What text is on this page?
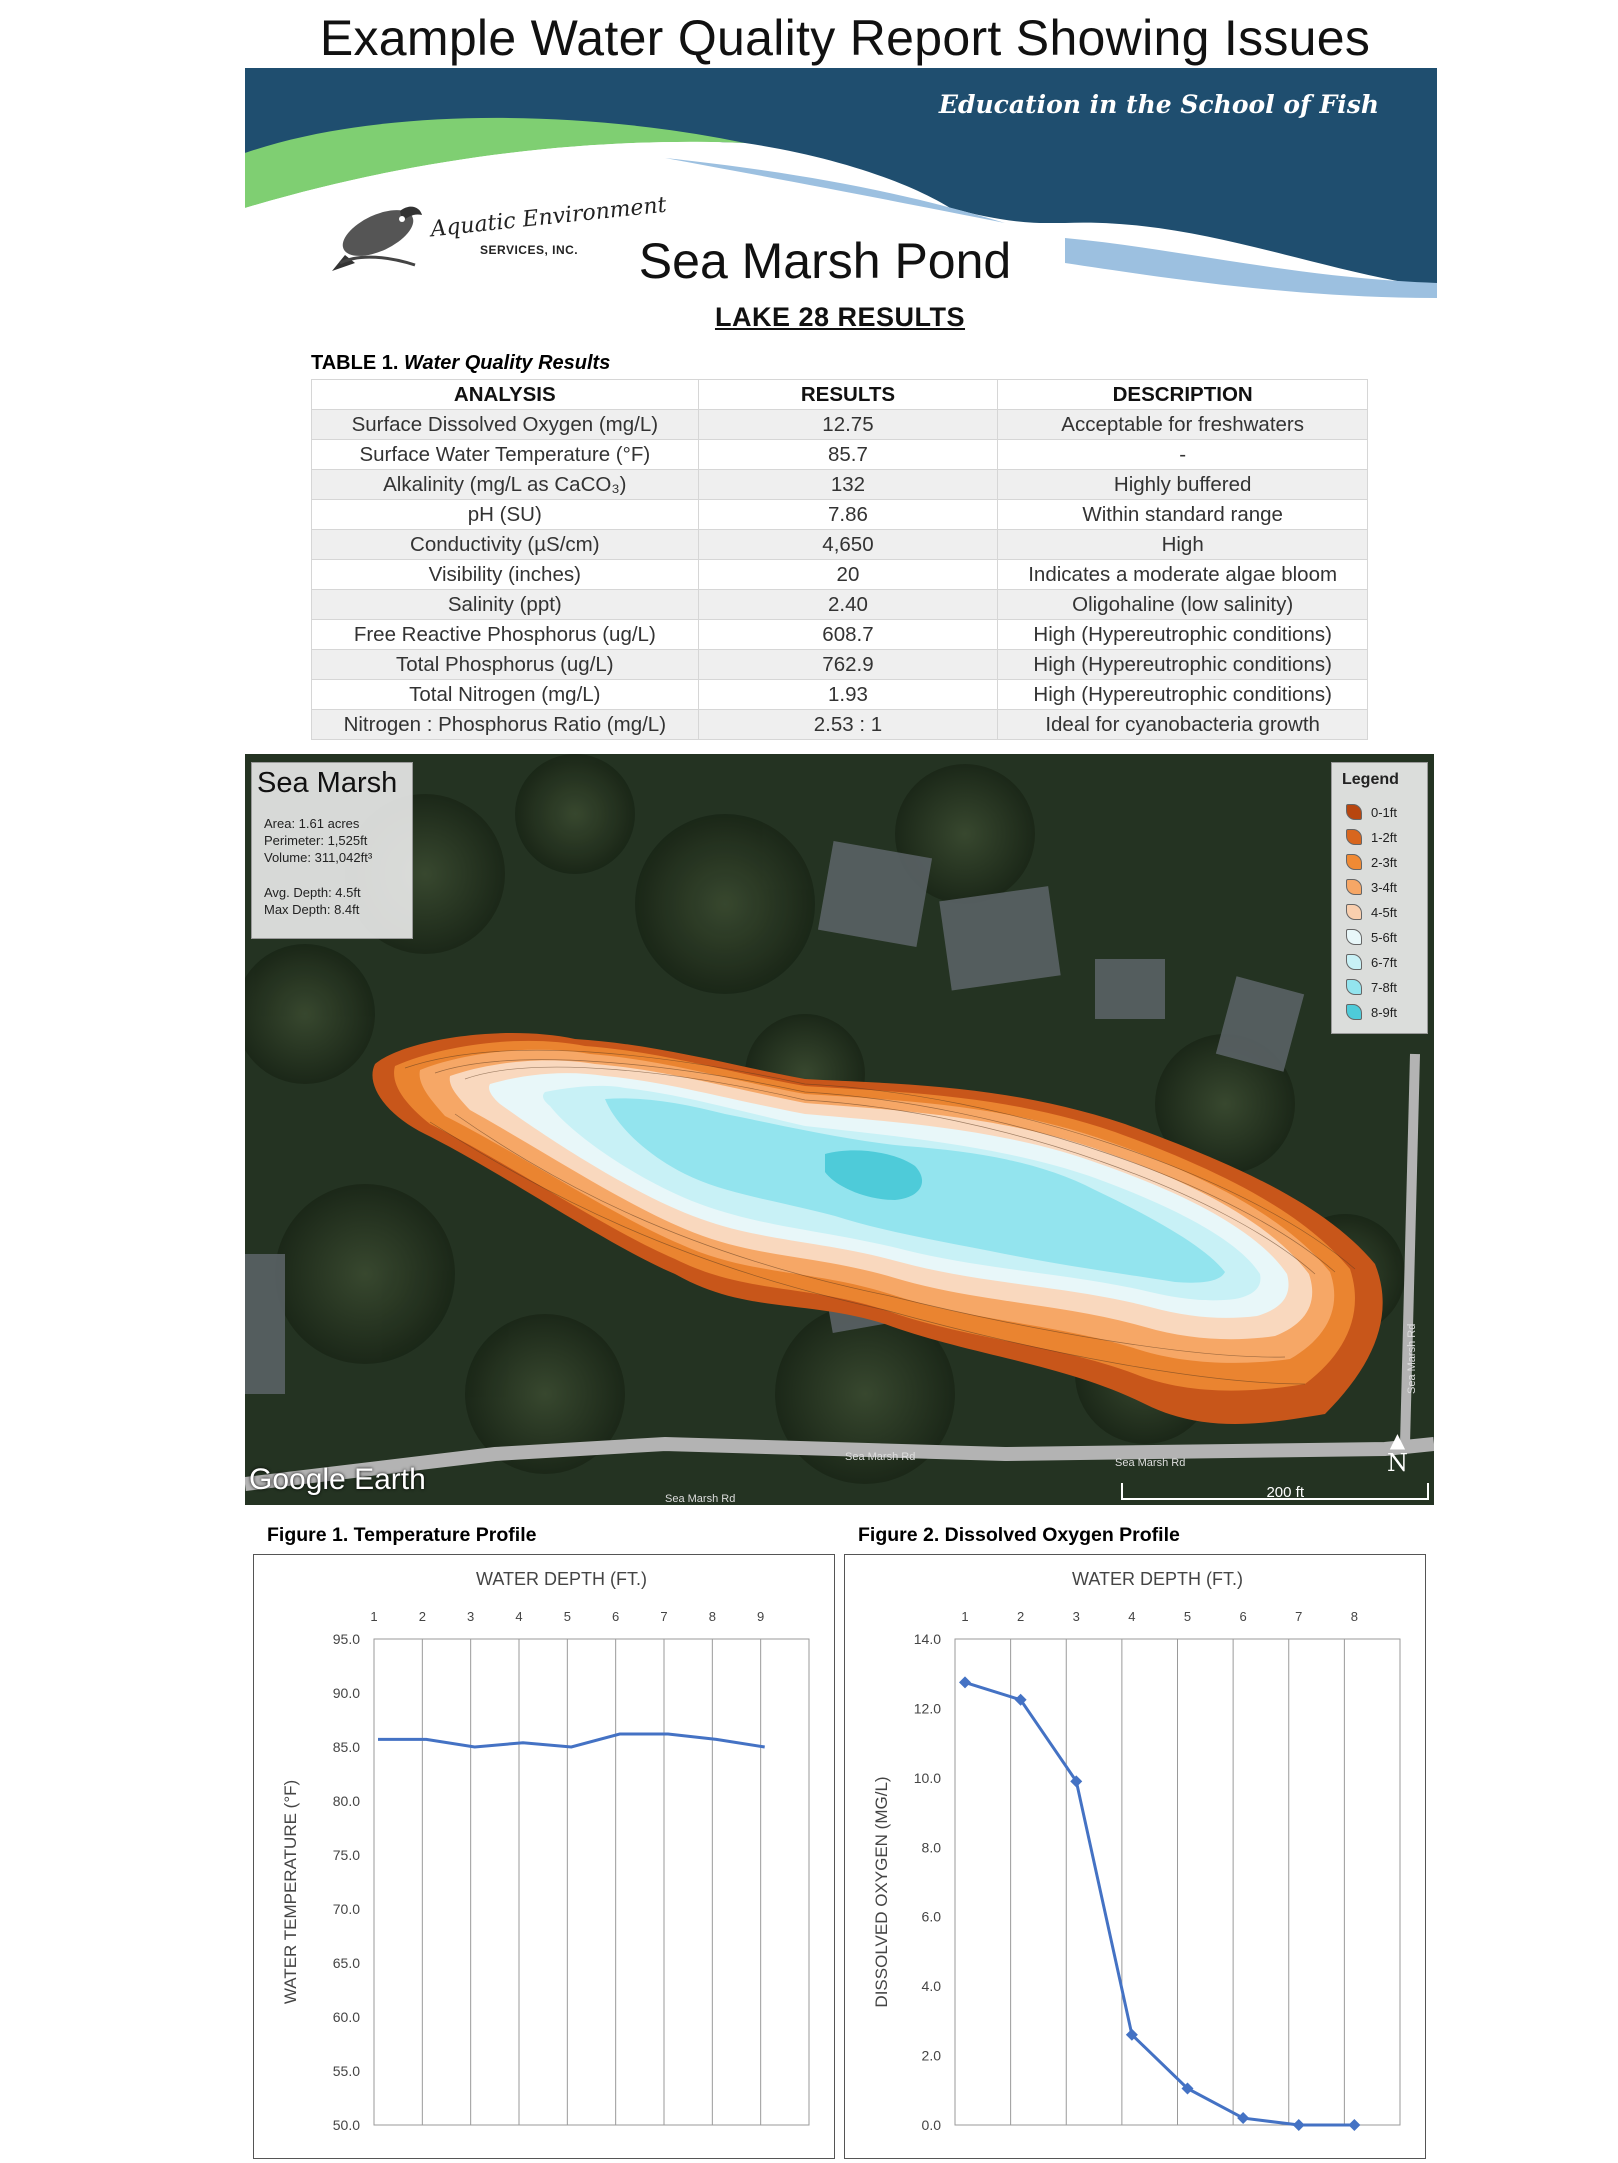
Example Water Quality Report Showing Issues
Education in the School of Fish
Aquatic Environment
SERVICES, INC.	Sea Marsh Pond
LAKE 28 RESULTS
TABLE 1. Water Quality Results
ANALYSIS	RESULTS	DESCRIPTION
Surface Dissolved Oxygen (mg/L)	12.75	Acceptable for freshwaters
Surface Water Temperature (°F)	85.7	-
Alkalinity (mg/L as CaCO₃)	132	Highly buffered
pH (SU)	7.86	Within standard range
Conductivity (µS/cm)	4,650	High
Visibility (inches)	20	Indicates a moderate algae bloom
Salinity (ppt)	2.40	Oligohaline (low salinity)
Free Reactive Phosphorus (ug/L)	608.7	High (Hypereutrophic conditions)
Total Phosphorus (ug/L)	762.9	High (Hypereutrophic conditions)
Total Nitrogen (mg/L)	1.93	High (Hypereutrophic conditions)
Nitrogen : Phosphorus Ratio (mg/L)	2.53 : 1	Ideal for cyanobacteria growth
Sea Marsh Rd
Sea Marsh Rd	Sea Marsh Rd
Sea Marsh Rd
Sea Marsh
Area: 1.61 acres
Perimeter: 1,525ft
Volume: 311,042ft³
Avg. Depth: 4.5ft
Max Depth: 8.4ft
Legend
0-1ft
1-2ft
2-3ft
3-4ft
4-5ft
5-6ft
6-7ft
7-8ft
8-9ft
Google Earth
▲
N
200 ft
Figure 1. Temperature Profile	Figure 2. Dissolved Oxygen Profile
WATER DEPTH (FT.)
1	2	3	4	5	6	7	8	9
50.0
55.0
60.0
65.0
70.0
75.0
80.0
85.0
90.0
95.0
WATER TEMPERATURE (°F)
WATER DEPTH (FT.)
1	2	3	4	5	6	7	8
0.0
2.0
4.0
6.0
8.0
10.0
12.0
14.0
DISSOLVED OXYGEN (MG/L)
